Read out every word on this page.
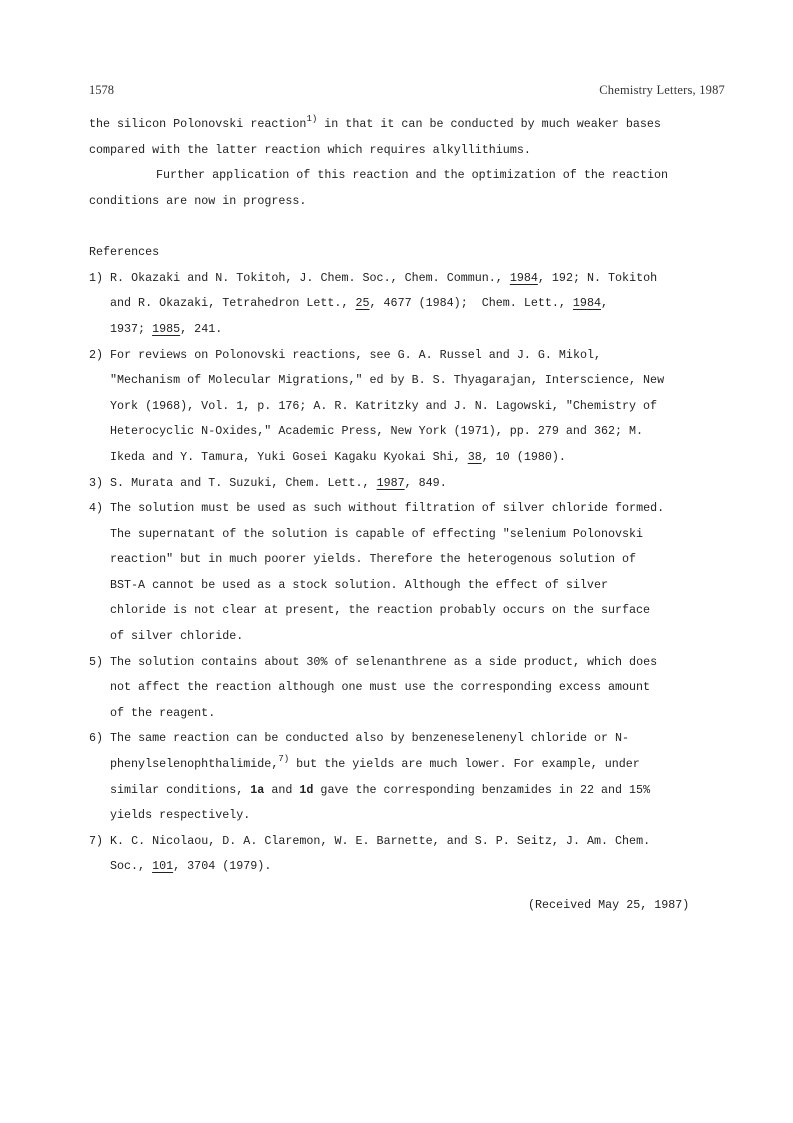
1578	Chemistry Letters, 1987
the silicon Polonovski reaction$^{1)}$ in that it can be conducted by much weaker bases
compared with the latter reaction which requires alkyllithiums.
Further application of this reaction and the optimization of the reaction
conditions are now in progress.
References
1) R. Okazaki and N. Tokitoh, J. Chem. Soc., Chem. Commun., 1984, 192; N. Tokitoh
and R. Okazaki, Tetrahedron Lett., 25, 4677 (1984);  Chem. Lett., 1984,
1937; 1985, 241.
2) For reviews on Polonovski reactions, see G. A. Russel and J. G. Mikol,
"Mechanism of Molecular Migrations," ed by B. S. Thyagarajan, Interscience, New
York (1968), Vol. 1, p. 176; A. R. Katritzky and J. N. Lagowski, "Chemistry of
Heterocyclic N-Oxides," Academic Press, New York (1971), pp. 279 and 362; M.
Ikeda and Y. Tamura, Yuki Gosei Kagaku Kyokai Shi, 38, 10 (1980).
3) S. Murata and T. Suzuki, Chem. Lett., 1987, 849.
4) The solution must be used as such without filtration of silver chloride formed.
The supernatant of the solution is capable of effecting "selenium Polonovski
reaction" but in much poorer yields. Therefore the heterogenous solution of
BST-A cannot be used as a stock solution. Although the effect of silver
chloride is not clear at present, the reaction probably occurs on the surface
of silver chloride.
5) The solution contains about 30% of selenanthrene as a side product, which does
not affect the reaction although one must use the corresponding excess amount
of the reagent.
6) The same reaction can be conducted also by benzeneselenenyl chloride or N-
phenylselenophthalimide,$^{7)}$ but the yields are much lower. For example, under
similar conditions, 1a and 1d gave the corresponding benzamides in 22 and 15%
yields respectively.
7) K. C. Nicolaou, D. A. Claremon, W. E. Barnette, and S. P. Seitz, J. Am. Chem.
Soc., 101, 3704 (1979).
(Received May 25, 1987)
